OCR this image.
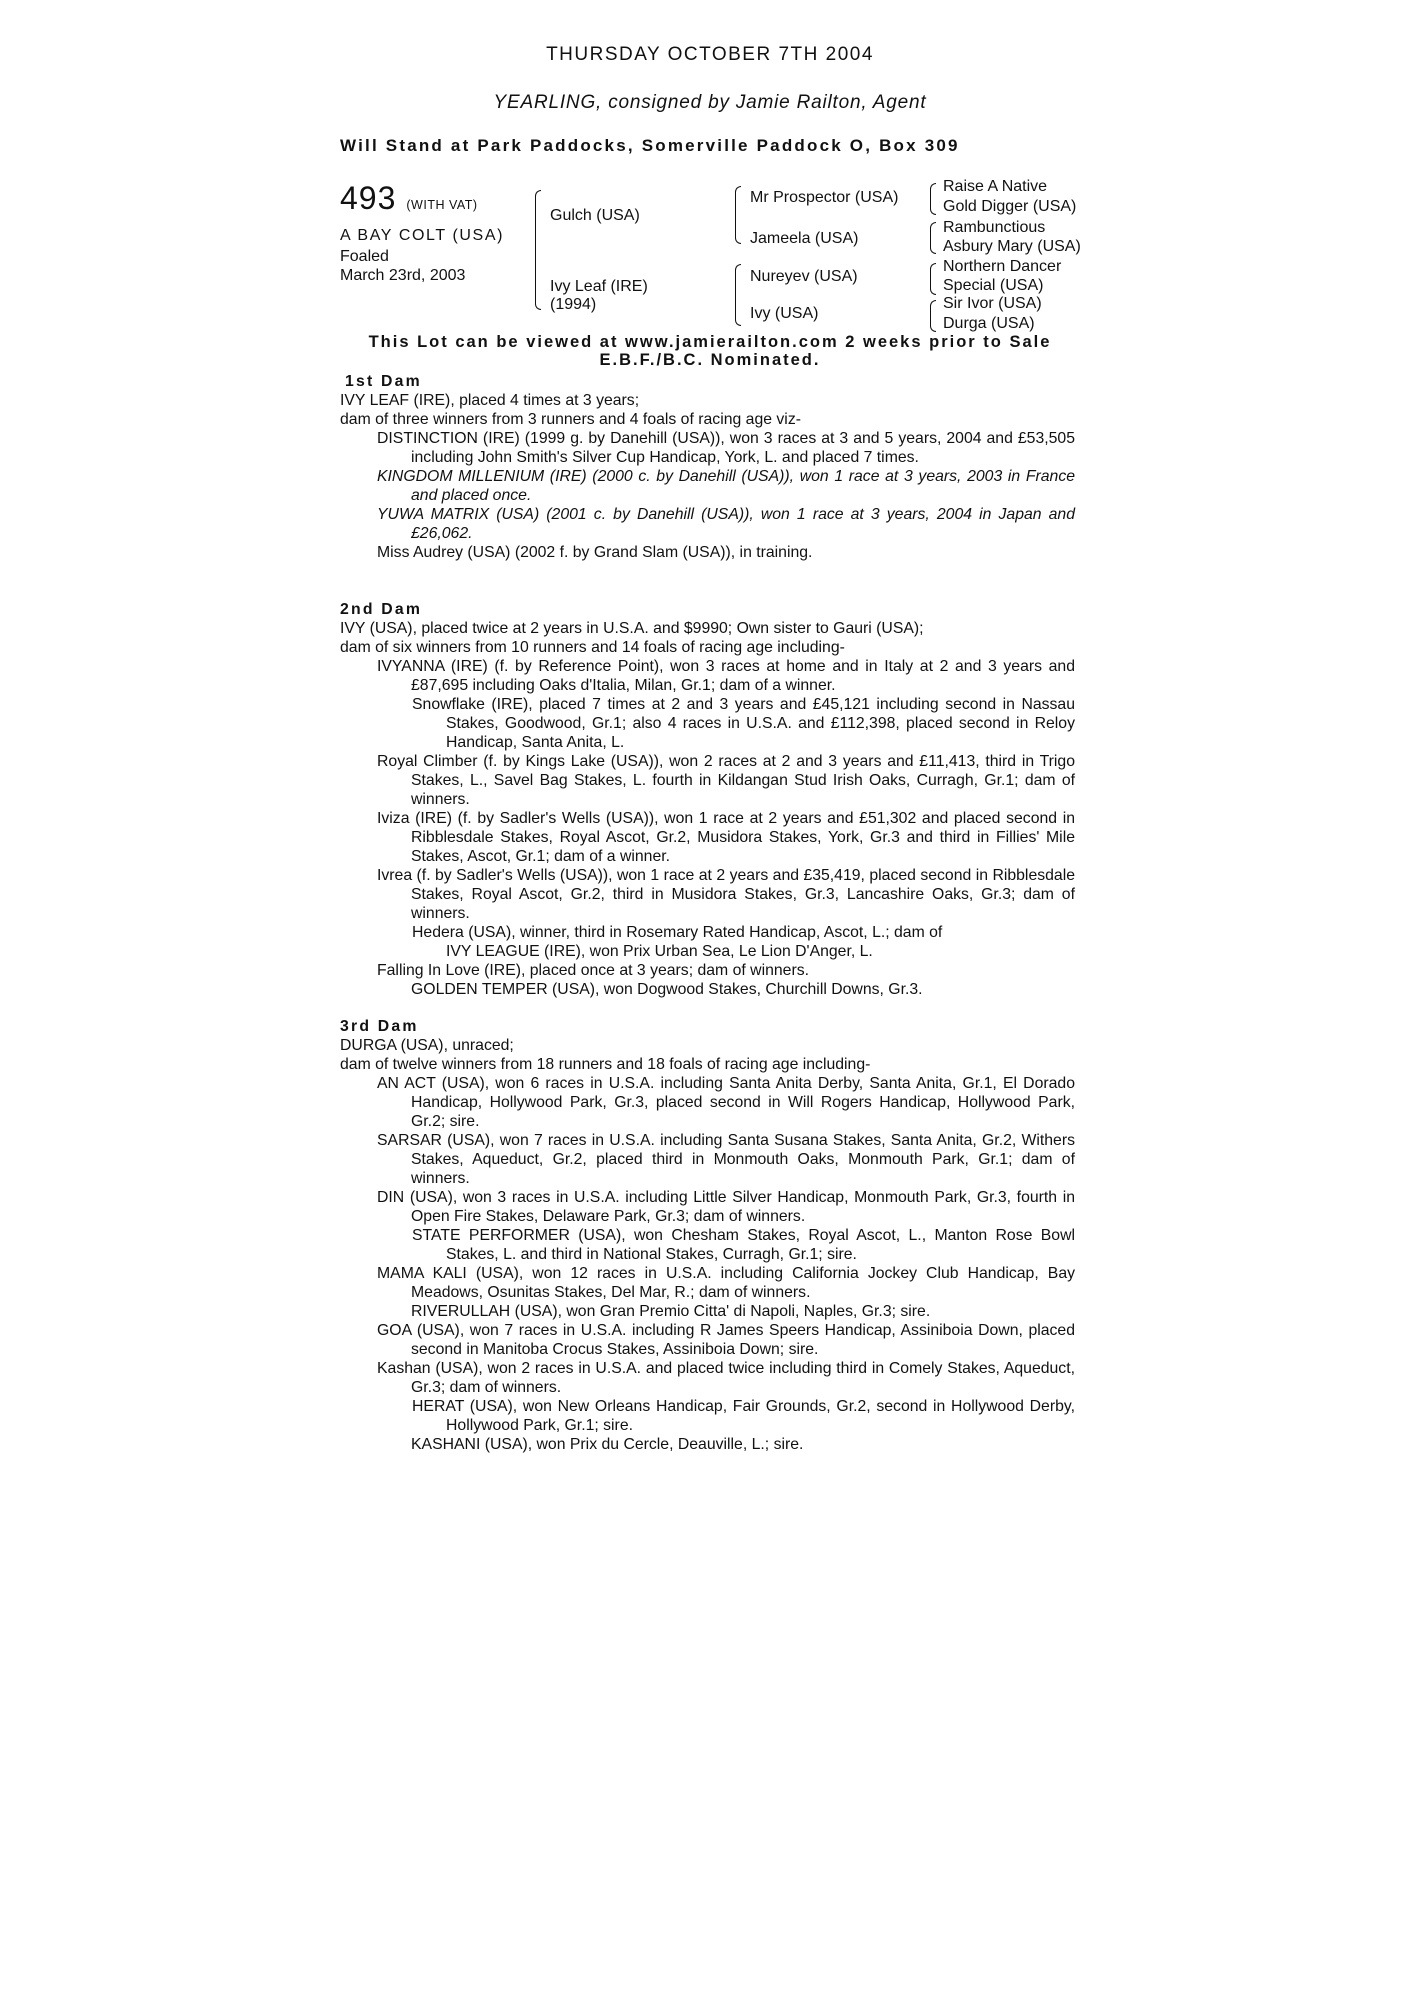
THURSDAY OCTOBER 7TH 2004
YEARLING, consigned by Jamie Railton, Agent
Will Stand at Park Paddocks, Somerville Paddock O, Box 309
493 (WITH VAT)
A BAY COLT (USA)
Foaled
March 23rd, 2003
Gulch (USA)
Ivy Leaf (IRE)
(1994)
Mr Prospector (USA)
Jameela (USA)
Nureyev (USA)
Ivy (USA)
Raise A Native
Gold Digger (USA)
Rambunctious
Asbury Mary (USA)
Northern Dancer
Special (USA)
Sir Ivor (USA)
Durga (USA)
This Lot can be viewed at www.jamierailton.com 2 weeks prior to Sale
E.B.F./B.C. Nominated.
1st Dam
IVY LEAF (IRE), placed 4 times at 3 years;
dam of three winners from 3 runners and 4 foals of racing age viz-
DISTINCTION (IRE) (1999 g. by Danehill (USA)), won 3 races at 3 and 5 years, 2004 and £53,505 including John Smith's Silver Cup Handicap, York, L. and placed 7 times.
KINGDOM MILLENIUM (IRE) (2000 c. by Danehill (USA)), won 1 race at 3 years, 2003 in France and placed once.
YUWA MATRIX (USA) (2001 c. by Danehill (USA)), won 1 race at 3 years, 2004 in Japan and £26,062.
Miss Audrey (USA) (2002 f. by Grand Slam (USA)), in training.
2nd Dam
IVY (USA), placed twice at 2 years in U.S.A. and $9990; Own sister to Gauri (USA);
dam of six winners from 10 runners and 14 foals of racing age including-
IVYANNA (IRE) (f. by Reference Point), won 3 races at home and in Italy at 2 and 3 years and £87,695 including Oaks d'Italia, Milan, Gr.1; dam of a winner.
Snowflake (IRE), placed 7 times at 2 and 3 years and £45,121 including second in Nassau Stakes, Goodwood, Gr.1; also 4 races in U.S.A. and £112,398, placed second in Reloy Handicap, Santa Anita, L.
Royal Climber (f. by Kings Lake (USA)), won 2 races at 2 and 3 years and £11,413, third in Trigo Stakes, L., Savel Bag Stakes, L. fourth in Kildangan Stud Irish Oaks, Curragh, Gr.1; dam of winners.
Iviza (IRE) (f. by Sadler's Wells (USA)), won 1 race at 2 years and £51,302 and placed second in Ribblesdale Stakes, Royal Ascot, Gr.2, Musidora Stakes, York, Gr.3 and third in Fillies' Mile Stakes, Ascot, Gr.1; dam of a winner.
Ivrea (f. by Sadler's Wells (USA)), won 1 race at 2 years and £35,419, placed second in Ribblesdale Stakes, Royal Ascot, Gr.2, third in Musidora Stakes, Gr.3, Lancashire Oaks, Gr.3; dam of winners.
Hedera (USA), winner, third in Rosemary Rated Handicap, Ascot, L.; dam of
IVY LEAGUE (IRE), won Prix Urban Sea, Le Lion D'Anger, L.
Falling In Love (IRE), placed once at 3 years; dam of winners.
GOLDEN TEMPER (USA), won Dogwood Stakes, Churchill Downs, Gr.3.
3rd Dam
DURGA (USA), unraced;
dam of twelve winners from 18 runners and 18 foals of racing age including-
AN ACT (USA), won 6 races in U.S.A. including Santa Anita Derby, Santa Anita, Gr.1, El Dorado Handicap, Hollywood Park, Gr.3, placed second in Will Rogers Handicap, Hollywood Park, Gr.2; sire.
SARSAR (USA), won 7 races in U.S.A. including Santa Susana Stakes, Santa Anita, Gr.2, Withers Stakes, Aqueduct, Gr.2, placed third in Monmouth Oaks, Monmouth Park, Gr.1; dam of winners.
DIN (USA), won 3 races in U.S.A. including Little Silver Handicap, Monmouth Park, Gr.3, fourth in Open Fire Stakes, Delaware Park, Gr.3; dam of winners.
STATE PERFORMER (USA), won Chesham Stakes, Royal Ascot, L., Manton Rose Bowl Stakes, L. and third in National Stakes, Curragh, Gr.1; sire.
MAMA KALI (USA), won 12 races in U.S.A. including California Jockey Club Handicap, Bay Meadows, Osunitas Stakes, Del Mar, R.; dam of winners.
RIVERULLAH (USA), won Gran Premio Citta' di Napoli, Naples, Gr.3; sire.
GOA (USA), won 7 races in U.S.A. including R James Speers Handicap, Assiniboia Down, placed second in Manitoba Crocus Stakes, Assiniboia Down; sire.
Kashan (USA), won 2 races in U.S.A. and placed twice including third in Comely Stakes, Aqueduct, Gr.3; dam of winners.
HERAT (USA), won New Orleans Handicap, Fair Grounds, Gr.2, second in Hollywood Derby, Hollywood Park, Gr.1; sire.
KASHANI (USA), won Prix du Cercle, Deauville, L.; sire.
